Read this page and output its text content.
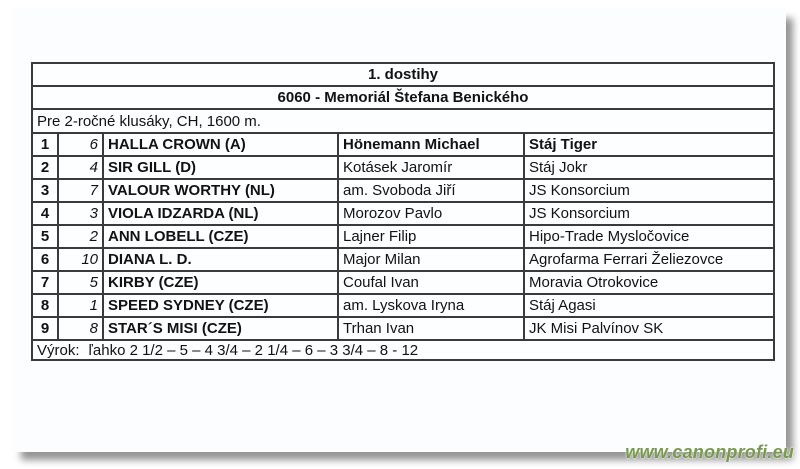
1. dostihy				
6060 - Memoriál Štefana Benického				
Pre 2-ročné klusáky, CH, 1600 m.				
1	6	HALLA CROWN (A)	Hönemann Michael	Stáj Tiger
2	4	SIR GILL (D)	Kotásek Jaromír	Stáj Jokr
3	7	VALOUR WORTHY (NL)	am. Svoboda Jiří	JS Konsorcium
4	3	VIOLA IDZARDA (NL)	Morozov Pavlo	JS Konsorcium
5	2	ANN LOBELL (CZE)	Lajner Filip	Hipo-Trade Mysločovice
6	10	DIANA L. D.	Major Milan	Agrofarma Ferrari Želiezovce
7	5	KIRBY (CZE)	Coufal Ivan	Moravia Otrokovice
8	1	SPEED SYDNEY (CZE)	am. Lyskova Iryna	Stáj Agasi
9	8	STAR´S MISI (CZE)	Trhan Ivan	JK Misi Palvínov SK
Výrok: ľahko 2 1/2 – 5 – 4 3/4 – 2 1/4 – 6 – 3 3/4 – 8 - 12				
www.canonprofi.eu
